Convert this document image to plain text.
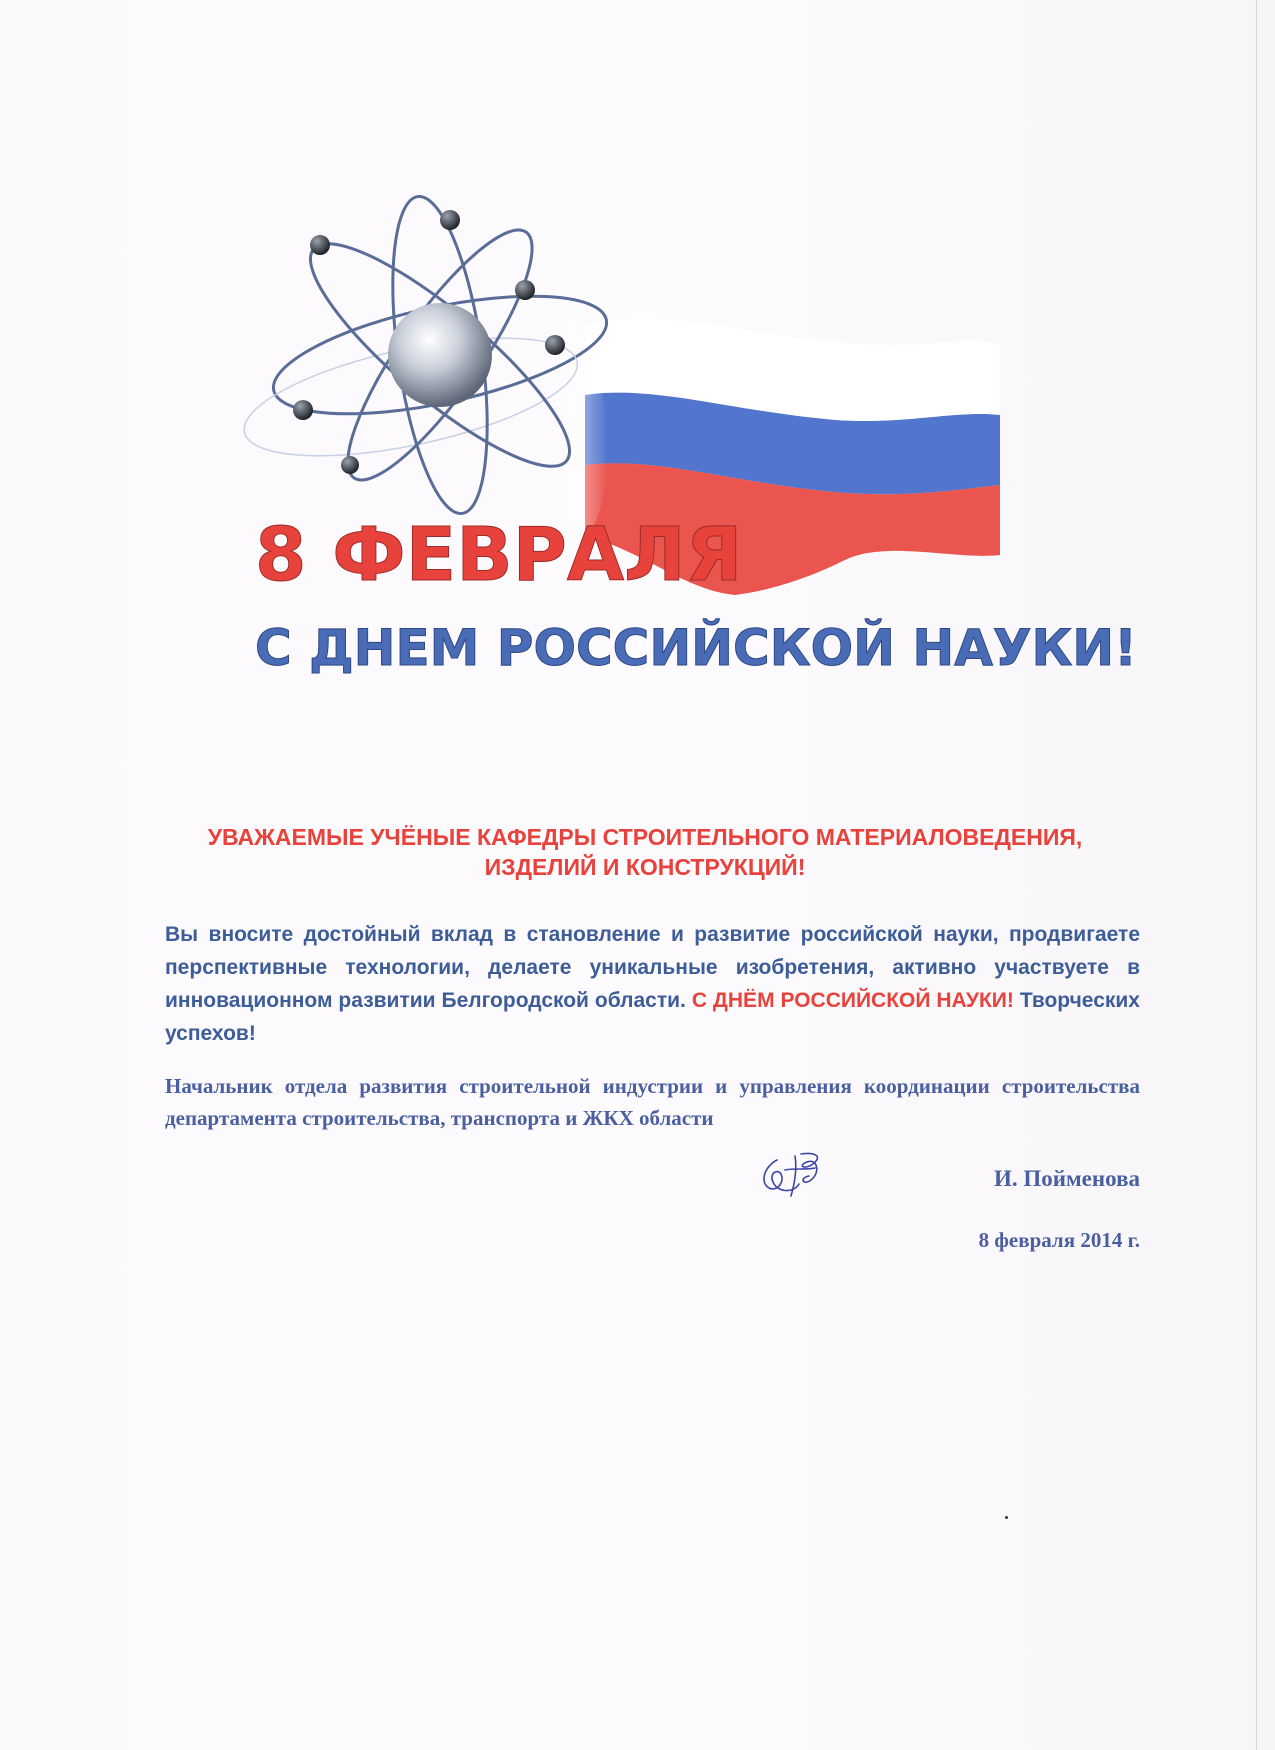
8 ФЕВРАЛЯ
С ДНЕМ РОССИЙСКОЙ НАУКИ!
УВАЖАЕМЫЕ УЧЁНЫЕ КАФЕДРЫ СТРОИТЕЛЬНОГО МАТЕРИАЛОВЕДЕНИЯ,
ИЗДЕЛИЙ И КОНСТРУКЦИЙ!
Вы вносите достойный вклад в становление и развитие российской науки, продвигаете перспективные технологии, делаете уникальные изобретения, активно участвуете в инновационном развитии Белгородской области. С ДНЁМ РОССИЙСКОЙ НАУКИ! Творческих успехов!
Начальник отдела развития строительной индустрии и управления координации строительства департамента строительства, транспорта и ЖКХ области
И. Пойменова
8 февраля 2014 г.
